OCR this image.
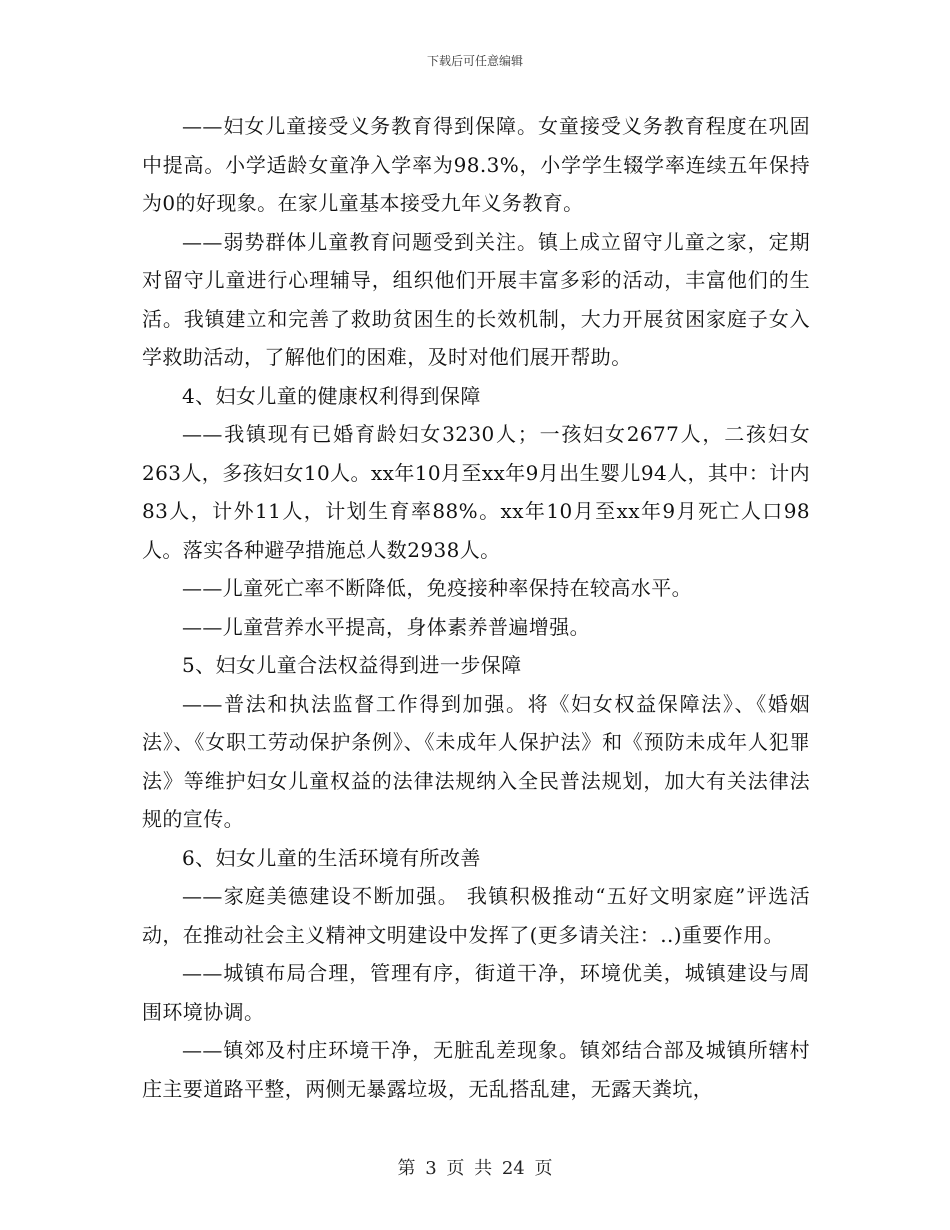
下载后可任意编辑

——妇女儿童接受义务教育得到保障。女童接受义务教育程度在巩固中提高。小学适龄女童净入学率为98.3%，小学学生辍学率连续五年保持为0的好现象。在家儿童基本接受九年义务教育。

——弱势群体儿童教育问题受到关注。镇上成立留守儿童之家，定期对留守儿童进行心理辅导，组织他们开展丰富多彩的活动，丰富他们的生活。我镇建立和完善了救助贫困生的长效机制，大力开展贫困家庭子女入学救助活动，了解他们的困难，及时对他们展开帮助。

4、妇女儿童的健康权利得到保障

——我镇现有已婚育龄妇女3230人；一孩妇女2677人，二孩妇女263人，多孩妇女10人。xx年10月至xx年9月出生婴儿94人，其中：计内83人，计外11人，计划生育率88%。xx年10月至xx年9月死亡人口98人。落实各种避孕措施总人数2938人。

——儿童死亡率不断降低，免疫接种率保持在较高水平。

——儿童营养水平提高，身体素养普遍增强。

5、妇女儿童合法权益得到进一步保障

——普法和执法监督工作得到加强。将《妇女权益保障法》、《婚姻法》、《女职工劳动保护条例》、《未成年人保护法》和《预防未成年人犯罪法》等维护妇女儿童权益的法律法规纳入全民普法规划，加大有关法律法规的宣传。

6、妇女儿童的生活环境有所改善

——家庭美德建设不断加强。 我镇积极推动“五好文明家庭”评选活动，在推动社会主义精神文明建设中发挥了(更多请关注：..)重要作用。

——城镇布局合理，管理有序，街道干净，环境优美，城镇建设与周围环境协调。

——镇郊及村庄环境干净，无脏乱差现象。镇郊结合部及城镇所辖村庄主要道路平整，两侧无暴露垃圾，无乱搭乱建，无露天粪坑，

第 3 页 共 24 页
